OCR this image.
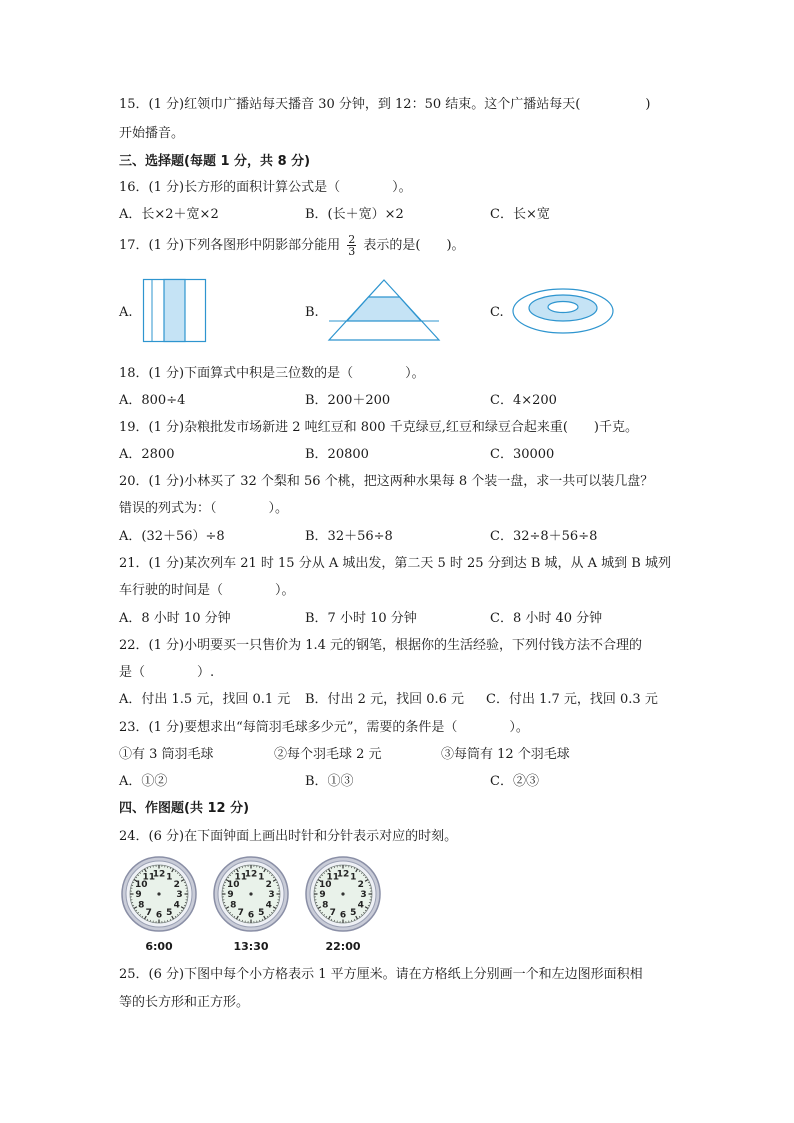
15．(1 分)红领巾广播站每天播音 30 分钟，到 12：50 结束。这个广播站每天(　　　　　)
开始播音。
三、选择题(每题 1 分，共 8 分)
16．(1 分)长方形的面积计算公式是（　　　　）。
A．长×2＋宽×2	B．(长＋宽）×2	C．长×宽
17．(1 分)下列各图形中阴影部分能用 $\frac{2}{3}$ 表示的是(　　)。
A.	B.	C.
18．(1 分)下面算式中积是三位数的是（　　　　）。
A．800÷4	B．200＋200	C．4×200
19．(1 分)杂粮批发市场新进 2 吨红豆和 800 千克绿豆,红豆和绿豆合起来重(　　)千克。
A．2800	B．20800	C．30000
20．(1 分)小林买了 32 个梨和 56 个桃，把这两种水果每 8 个装一盘，求一共可以装几盘？
错误的列式为：（　　　　）。
A．(32＋56）÷8	B．32＋56÷8	C．32÷8＋56÷8
21．(1 分)某次列车 21 时 15 分从 A 城出发，第二天 5 时 25 分到达 B 城，从 A 城到 B 城列
车行驶的时间是（　　　　）。
A．8 小时 10 分钟	B．7 小时 10 分钟	C．8 小时 40 分钟
22．(1 分)小明要买一只售价为 1.4 元的钢笔，根据你的生活经验，下列付钱方法不合理的
是（　　　　）.
A．付出 1.5 元，找回 0.1 元 B．付出 2 元，找回 0.6 元 C．付出 1.7 元，找回 0.3 元
23．(1 分)要想求出“每筒羽毛球多少元”，需要的条件是（　　　　）。
①有 3 筒羽毛球	②每个羽毛球 2 元	③每筒有 12 个羽毛球
A．①②	B．①③	C．②③
四、作图题(共 12 分)
24．(6 分)在下面钟面上画出时针和分针表示对应的时刻。
12 1
2
3
4
5
6
7
8
9
10
11	12 1
2
3
4
5
6
7
8
9
10
11	12 1
2
3
4
5
6
7
8
9
10
11
6:00	13:30	22:00
25．(6 分)下图中每个小方格表示 1 平方厘米。请在方格纸上分别画一个和左边图形面积相
等的长方形和正方形。
